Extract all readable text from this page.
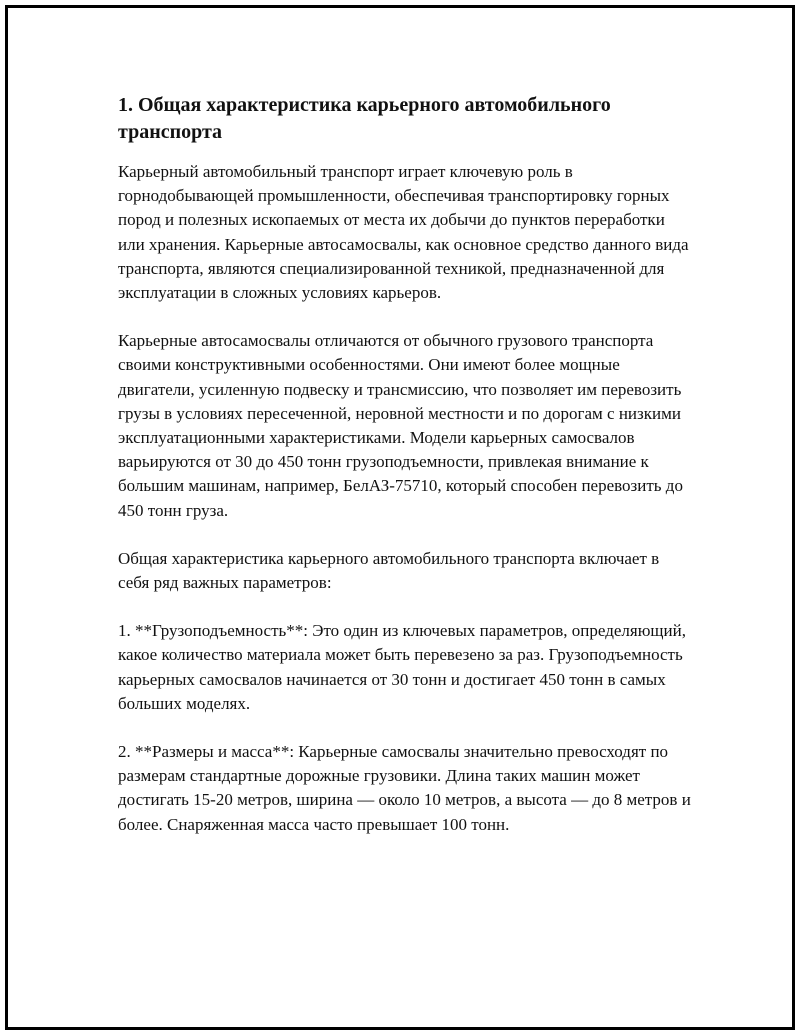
1. Общая характеристика карьерного автомобильного транспорта

Карьерный автомобильный транспорт играет ключевую роль в горнодобывающей промышленности, обеспечивая транспортировку горных пород и полезных ископаемых от места их добычи до пунктов переработки или хранения. Карьерные автосамосвалы, как основное средство данного вида транспорта, являются специализированной техникой, предназначенной для эксплуатации в сложных условиях карьеров.

Карьерные автосамосвалы отличаются от обычного грузового транспорта своими конструктивными особенностями. Они имеют более мощные двигатели, усиленную подвеску и трансмиссию, что позволяет им перевозить грузы в условиях пересеченной, неровной местности и по дорогам с низкими эксплуатационными характеристиками. Модели карьерных самосвалов варьируются от 30 до 450 тонн грузоподъемности, привлекая внимание к большим машинам, например, БелАЗ-75710, который способен перевозить до 450 тонн груза.

Общая характеристика карьерного автомобильного транспорта включает в себя ряд важных параметров:

1. **Грузоподъемность**: Это один из ключевых параметров, определяющий, какое количество материала может быть перевезено за раз. Грузоподъемность карьерных самосвалов начинается от 30 тонн и достигает 450 тонн в самых больших моделях.

2. **Размеры и масса**: Карьерные самосвалы значительно превосходят по размерам стандартные дорожные грузовики. Длина таких машин может достигать 15-20 метров, ширина — около 10 метров, а высота — до 8 метров и более. Снаряженная масса часто превышает 100 тонн.
